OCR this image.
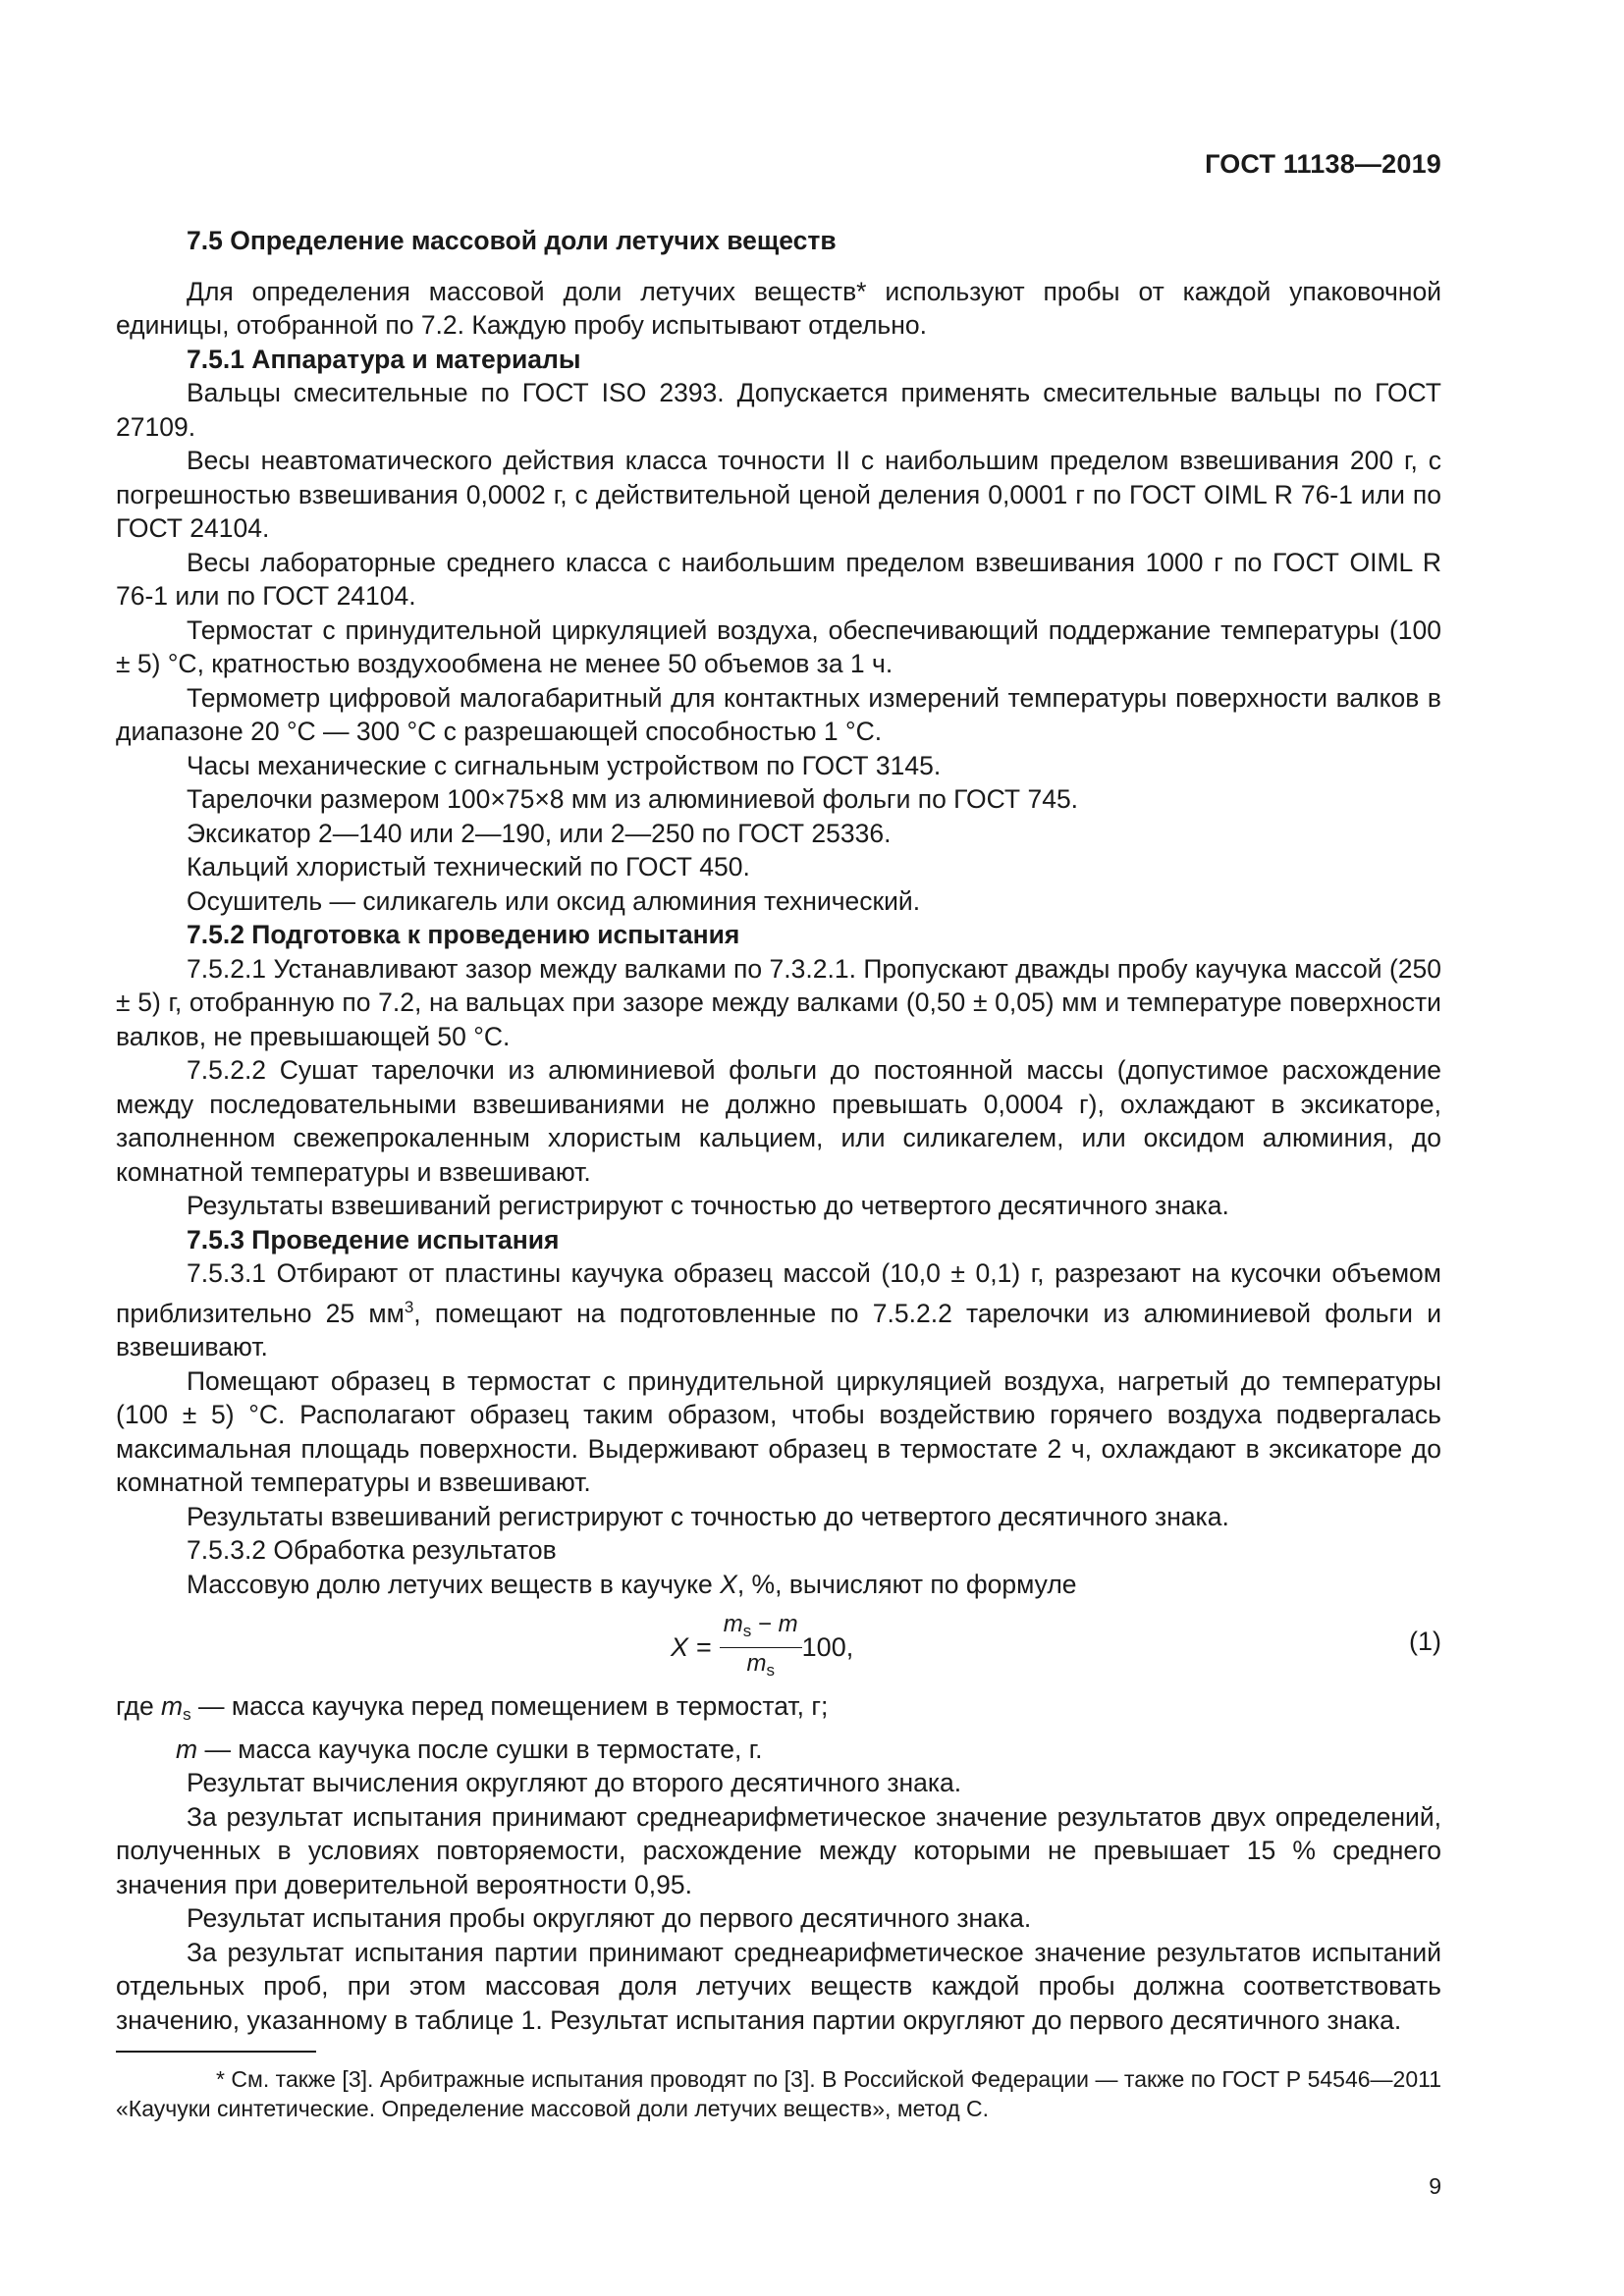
ГОСТ 11138—2019

7.5 Определение массовой доли летучих веществ

Для определения массовой доли летучих веществ* используют пробы от каждой упаковочной единицы, отобранной по 7.2. Каждую пробу испытывают отдельно.

7.5.1 Аппаратура и материалы

Вальцы смесительные по ГОСТ ISO 2393. Допускается применять смесительные вальцы по ГОСТ 27109.

Весы неавтоматического действия класса точности II с наибольшим пределом взвешивания 200 г, с погрешностью взвешивания 0,0002 г, с действительной ценой деления 0,0001 г по ГОСТ OIML R 76-1 или по ГОСТ 24104.

Весы лабораторные среднего класса с наибольшим пределом взвешивания 1000 г по ГОСТ OIML R 76-1 или по ГОСТ 24104.

Термостат с принудительной циркуляцией воздуха, обеспечивающий поддержание температуры (100 ± 5) °С, кратностью воздухообмена не менее 50 объемов за 1 ч.

Термометр цифровой малогабаритный для контактных измерений температуры поверхности валков в диапазоне 20 °С — 300 °С с разрешающей способностью 1 °С.

Часы механические с сигнальным устройством по ГОСТ 3145.

Тарелочки размером 100×75×8 мм из алюминиевой фольги по ГОСТ 745.

Эксикатор 2—140 или 2—190, или 2—250 по ГОСТ 25336.

Кальций хлористый технический по ГОСТ 450.

Осушитель — силикагель или оксид алюминия технический.

7.5.2 Подготовка к проведению испытания

7.5.2.1 Устанавливают зазор между валками по 7.3.2.1. Пропускают дважды пробу каучука массой (250 ± 5) г, отобранную по 7.2, на вальцах при зазоре между валками (0,50 ± 0,05) мм и температуре поверхности валков, не превышающей 50 °С.

7.5.2.2 Сушат тарелочки из алюминиевой фольги до постоянной массы (допустимое расхождение между последовательными взвешиваниями не должно превышать 0,0004 г), охлаждают в эксикаторе, заполненном свежепрокаленным хлористым кальцием, или силикагелем, или оксидом алюминия, до комнатной температуры и взвешивают.

Результаты взвешиваний регистрируют с точностью до четвертого десятичного знака.

7.5.3 Проведение испытания

7.5.3.1 Отбирают от пластины каучука образец массой (10,0 ± 0,1) г, разрезают на кусочки объемом приблизительно 25 $мм^3$, помещают на подготовленные по 7.5.2.2 тарелочки из алюминиевой фольги и взвешивают.

Помещают образец в термостат с принудительной циркуляцией воздуха, нагретый до температуры (100 ± 5) °С. Располагают образец таким образом, чтобы воздействию горячего воздуха подвергалась максимальная площадь поверхности. Выдерживают образец в термостате 2 ч, охлаждают в эксикаторе до комнатной температуры и взвешивают.

Результаты взвешиваний регистрируют с точностью до четвертого десятичного знака.

7.5.3.2 Обработка результатов

Массовую долю летучих веществ в каучуке X, %, вычисляют по формуле

$X = \frac{m_s - m}{m_s} 100$,	(1)

где $m_s$ — масса каучука перед помещением в термостат, г;

m — масса каучука после сушки в термостате, г.

Результат вычисления округляют до второго десятичного знака.

За результат испытания принимают среднеарифметическое значение результатов двух определений, полученных в условиях повторяемости, расхождение между которыми не превышает 15 % среднего значения при доверительной вероятности 0,95.

Результат испытания пробы округляют до первого десятичного знака.

За результат испытания партии принимают среднеарифметическое значение результатов испытаний отдельных проб, при этом массовая доля летучих веществ каждой пробы должна соответствовать значению, указанному в таблице 1. Результат испытания партии округляют до первого десятичного знака.

* См. также [3]. Арбитражные испытания проводят по [3]. В Российской Федерации — также по ГОСТ Р 54546—2011 «Каучуки синтетические. Определение массовой доли летучих веществ», метод С.

9
